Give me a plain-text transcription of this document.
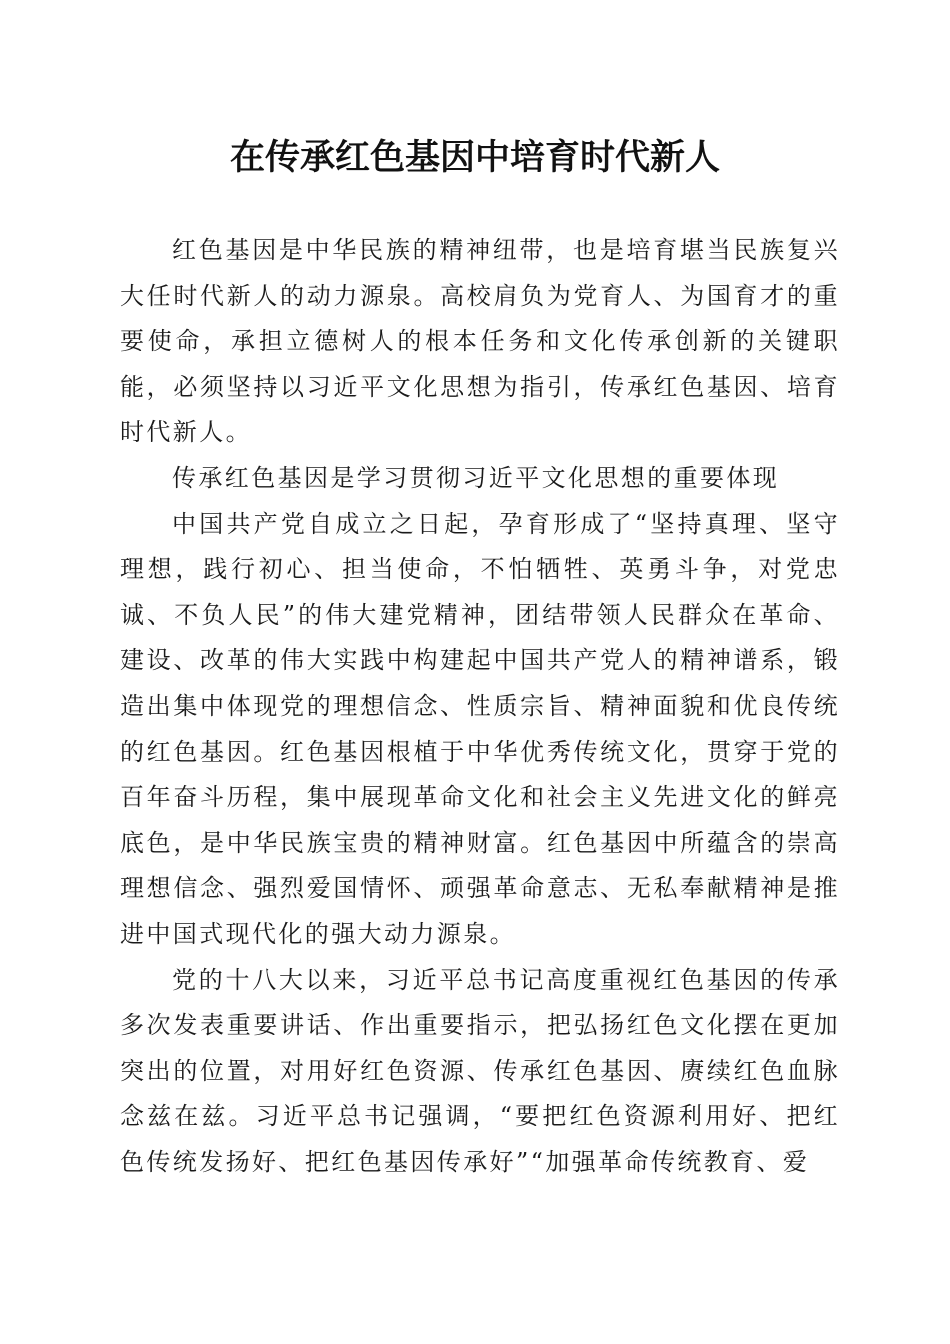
在传承红色基因中培育时代新人

红色基因是中华民族的精神纽带，也是培育堪当民族复兴大任时代新人的动力源泉。高校肩负为党育人、为国育才的重要使命，承担立德树人的根本任务和文化传承创新的关键职能，必须坚持以习近平文化思想为指引，传承红色基因、培育时代新人。

传承红色基因是学习贯彻习近平文化思想的重要体现

中国共产党自成立之日起，孕育形成了“坚持真理、坚守理想，践行初心、担当使命，不怕牺牲、英勇斗争，对党忠诚、不负人民”的伟大建党精神，团结带领人民群众在革命、建设、改革的伟大实践中构建起中国共产党人的精神谱系，锻造出集中体现党的理想信念、性质宗旨、精神面貌和优良传统的红色基因。红色基因根植于中华优秀传统文化，贯穿于党的百年奋斗历程，集中展现革命文化和社会主义先进文化的鲜亮底色，是中华民族宝贵的精神财富。红色基因中所蕴含的崇高理想信念、强烈爱国情怀、顽强革命意志、无私奉献精神是推进中国式现代化的强大动力源泉。

党的十八大以来，习近平总书记高度重视红色基因的传承多次发表重要讲话、作出重要指示，把弘扬红色文化摆在更加突出的位置，对用好红色资源、传承红色基因、赓续红色血脉念兹在兹。习近平总书记强调，“要把红色资源利用好、把红色传统发扬好、把红色基因传承好”“加强革命传统教育、爱
